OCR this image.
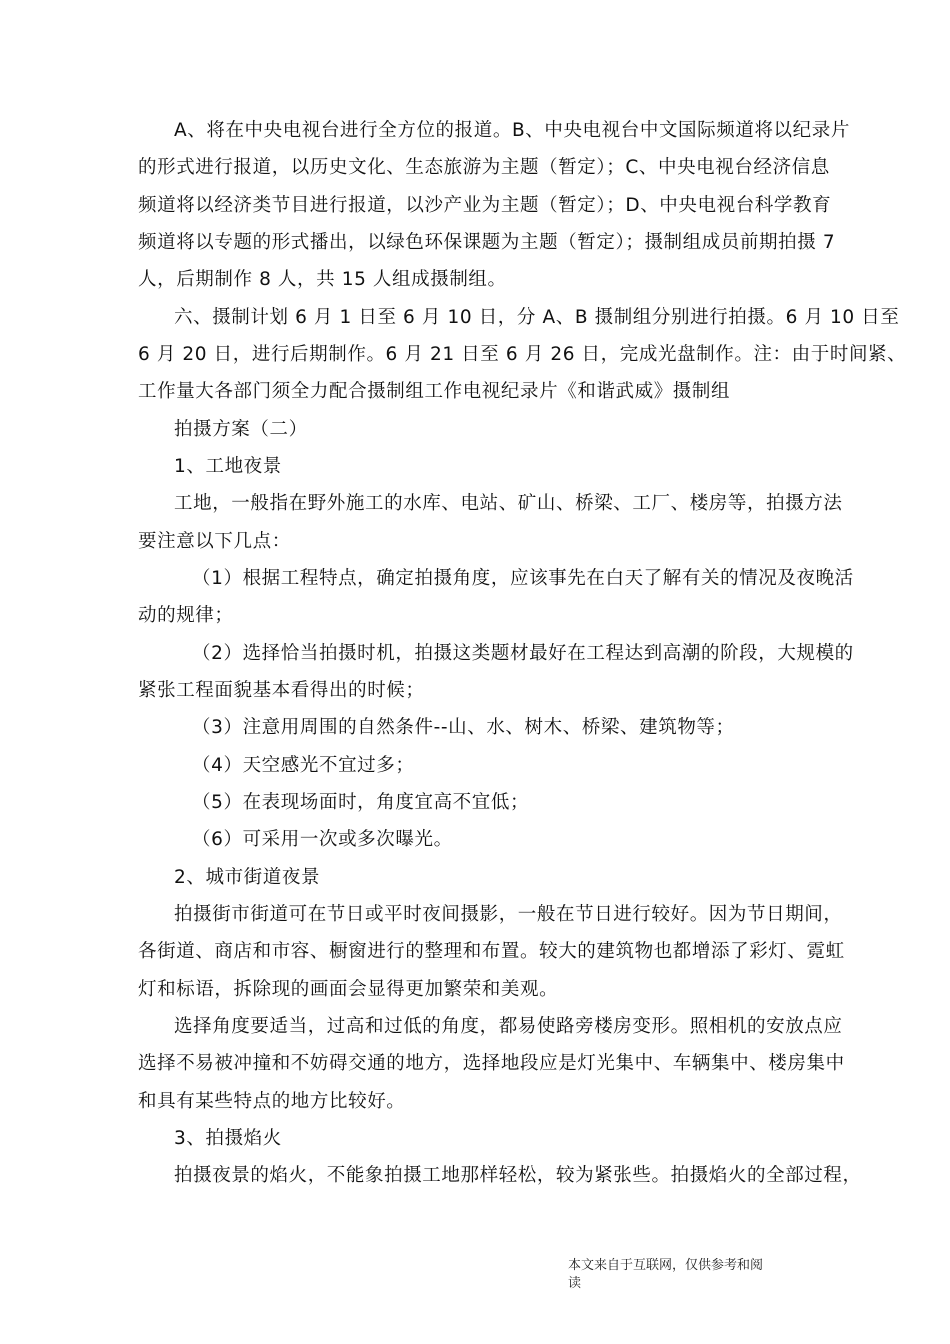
A、将在中央电视台进行全方位的报道。B、中央电视台中文国际频道将以纪录片
的形式进行报道，以历史文化、生态旅游为主题（暂定）；C、中央电视台经济信息
频道将以经济类节目进行报道，以沙产业为主题（暂定）；D、中央电视台科学教育
频道将以专题的形式播出，以绿色环保课题为主题（暂定）；摄制组成员前期拍摄 7
人，后期制作 8 人，共 15 人组成摄制组。
六、摄制计划 6 月 1 日至 6 月 10 日，分 A、B 摄制组分别进行拍摄。6 月 10 日至
6 月 20 日，进行后期制作。6 月 21 日至 6 月 26 日，完成光盘制作。注：由于时间紧、
工作量大各部门须全力配合摄制组工作电视纪录片《和谐武威》摄制组
拍摄方案（二）
1、工地夜景
工地，一般指在野外施工的水库、电站、矿山、桥梁、工厂、楼房等，拍摄方法
要注意以下几点：
（1）根据工程特点，确定拍摄角度，应该事先在白天了解有关的情况及夜晚活
动的规律；
（2）选择恰当拍摄时机，拍摄这类题材最好在工程达到高潮的阶段，大规模的
紧张工程面貌基本看得出的时候；
（3）注意用周围的自然条件--山、水、树木、桥梁、建筑物等；
（4）天空感光不宜过多；
（5）在表现场面时，角度宜高不宜低；
（6）可采用一次或多次曝光。
2、城市街道夜景
拍摄街市街道可在节日或平时夜间摄影，一般在节日进行较好。因为节日期间，
各街道、商店和市容、橱窗进行的整理和布置。较大的建筑物也都增添了彩灯、霓虹
灯和标语，拆除现的画面会显得更加繁荣和美观。
选择角度要适当，过高和过低的角度，都易使路旁楼房变形。照相机的安放点应
选择不易被冲撞和不妨碍交通的地方，选择地段应是灯光集中、车辆集中、楼房集中
和具有某些特点的地方比较好。
3、拍摄焰火
拍摄夜景的焰火，不能象拍摄工地那样轻松，较为紧张些。拍摄焰火的全部过程，
本文来自于互联网，仅供参考和阅
读
